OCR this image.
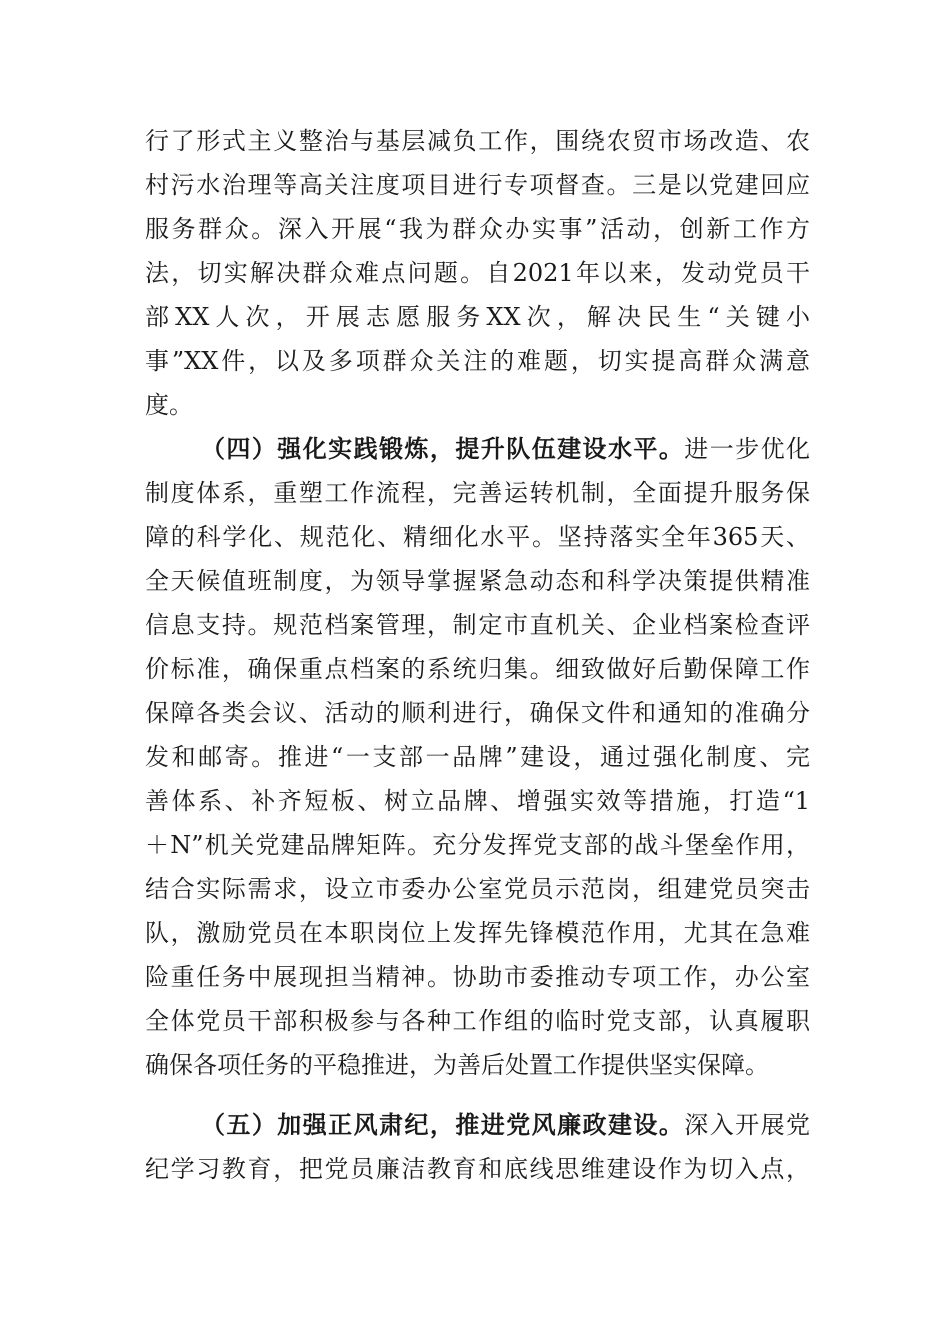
行了形式主义整治与基层减负工作，围绕农贸市场改造、农
村污水治理等高关注度项目进行专项督查。三是以党建回应
服务群众。深入开展“我为群众办实事”活动，创新工作方
法，切实解决群众难点问题。自2021年以来，发动党员干
部XX人次，开展志愿服务XX次，解决民生“关键小
事”XX件，以及多项群众关注的难题，切实提高群众满意
度。
（四）强化实践锻炼，提升队伍建设水平。进一步优化
制度体系，重塑工作流程，完善运转机制，全面提升服务保
障的科学化、规范化、精细化水平。坚持落实全年365天、
全天候值班制度，为领导掌握紧急动态和科学决策提供精准
信息支持。规范档案管理，制定市直机关、企业档案检查评
价标准，确保重点档案的系统归集。细致做好后勤保障工作
保障各类会议、活动的顺利进行，确保文件和通知的准确分
发和邮寄。推进“一支部一品牌”建设，通过强化制度、完
善体系、补齐短板、树立品牌、增强实效等措施，打造“1
＋N”机关党建品牌矩阵。充分发挥党支部的战斗堡垒作用，
结合实际需求，设立市委办公室党员示范岗，组建党员突击
队，激励党员在本职岗位上发挥先锋模范作用，尤其在急难
险重任务中展现担当精神。协助市委推动专项工作，办公室
全体党员干部积极参与各种工作组的临时党支部，认真履职
确保各项任务的平稳推进，为善后处置工作提供坚实保障。
（五）加强正风肃纪，推进党风廉政建设。深入开展党
纪学习教育，把党员廉洁教育和底线思维建设作为切入点，
